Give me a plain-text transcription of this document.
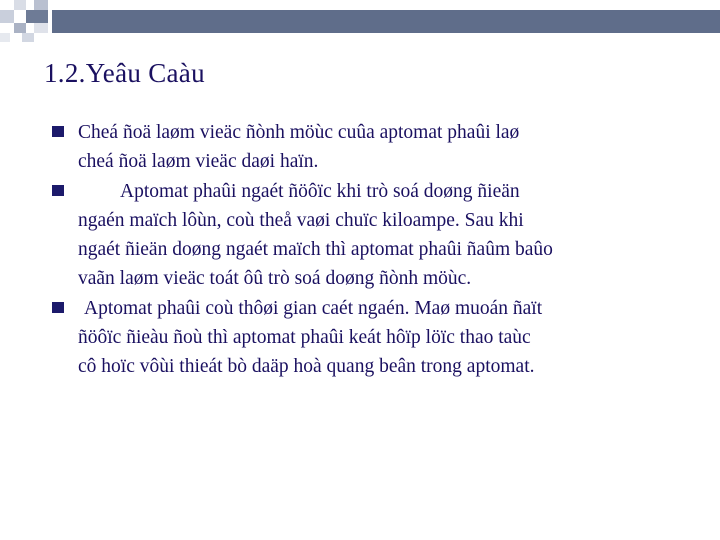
1.2.Yeâu Caàu
Cheá ñoä laøm vieäc ñònh möùc cuûa aptomat phaûi laø
cheá ñoä laøm vieäc daøi haïn.
Aptomat phaûi ngaét ñöôïc khi trò soá doøng ñieän
ngaén maïch lôùn, coù theå vaøi chuïc kiloampe. Sau khi
ngaét ñieän doøng ngaét maïch thì aptomat phaûi ñaûm baûo
vaãn laøm vieäc toát ôû trò soá doøng ñònh möùc.
Aptomat phaûi coù thôøi gian caét ngaén. Maø muoán ñaït
ñöôïc ñieàu ñoù thì aptomat phaûi keát hôïp löïc thao taùc
cô hoïc vôùi thieát bò daäp hoà quang beân trong aptomat.
